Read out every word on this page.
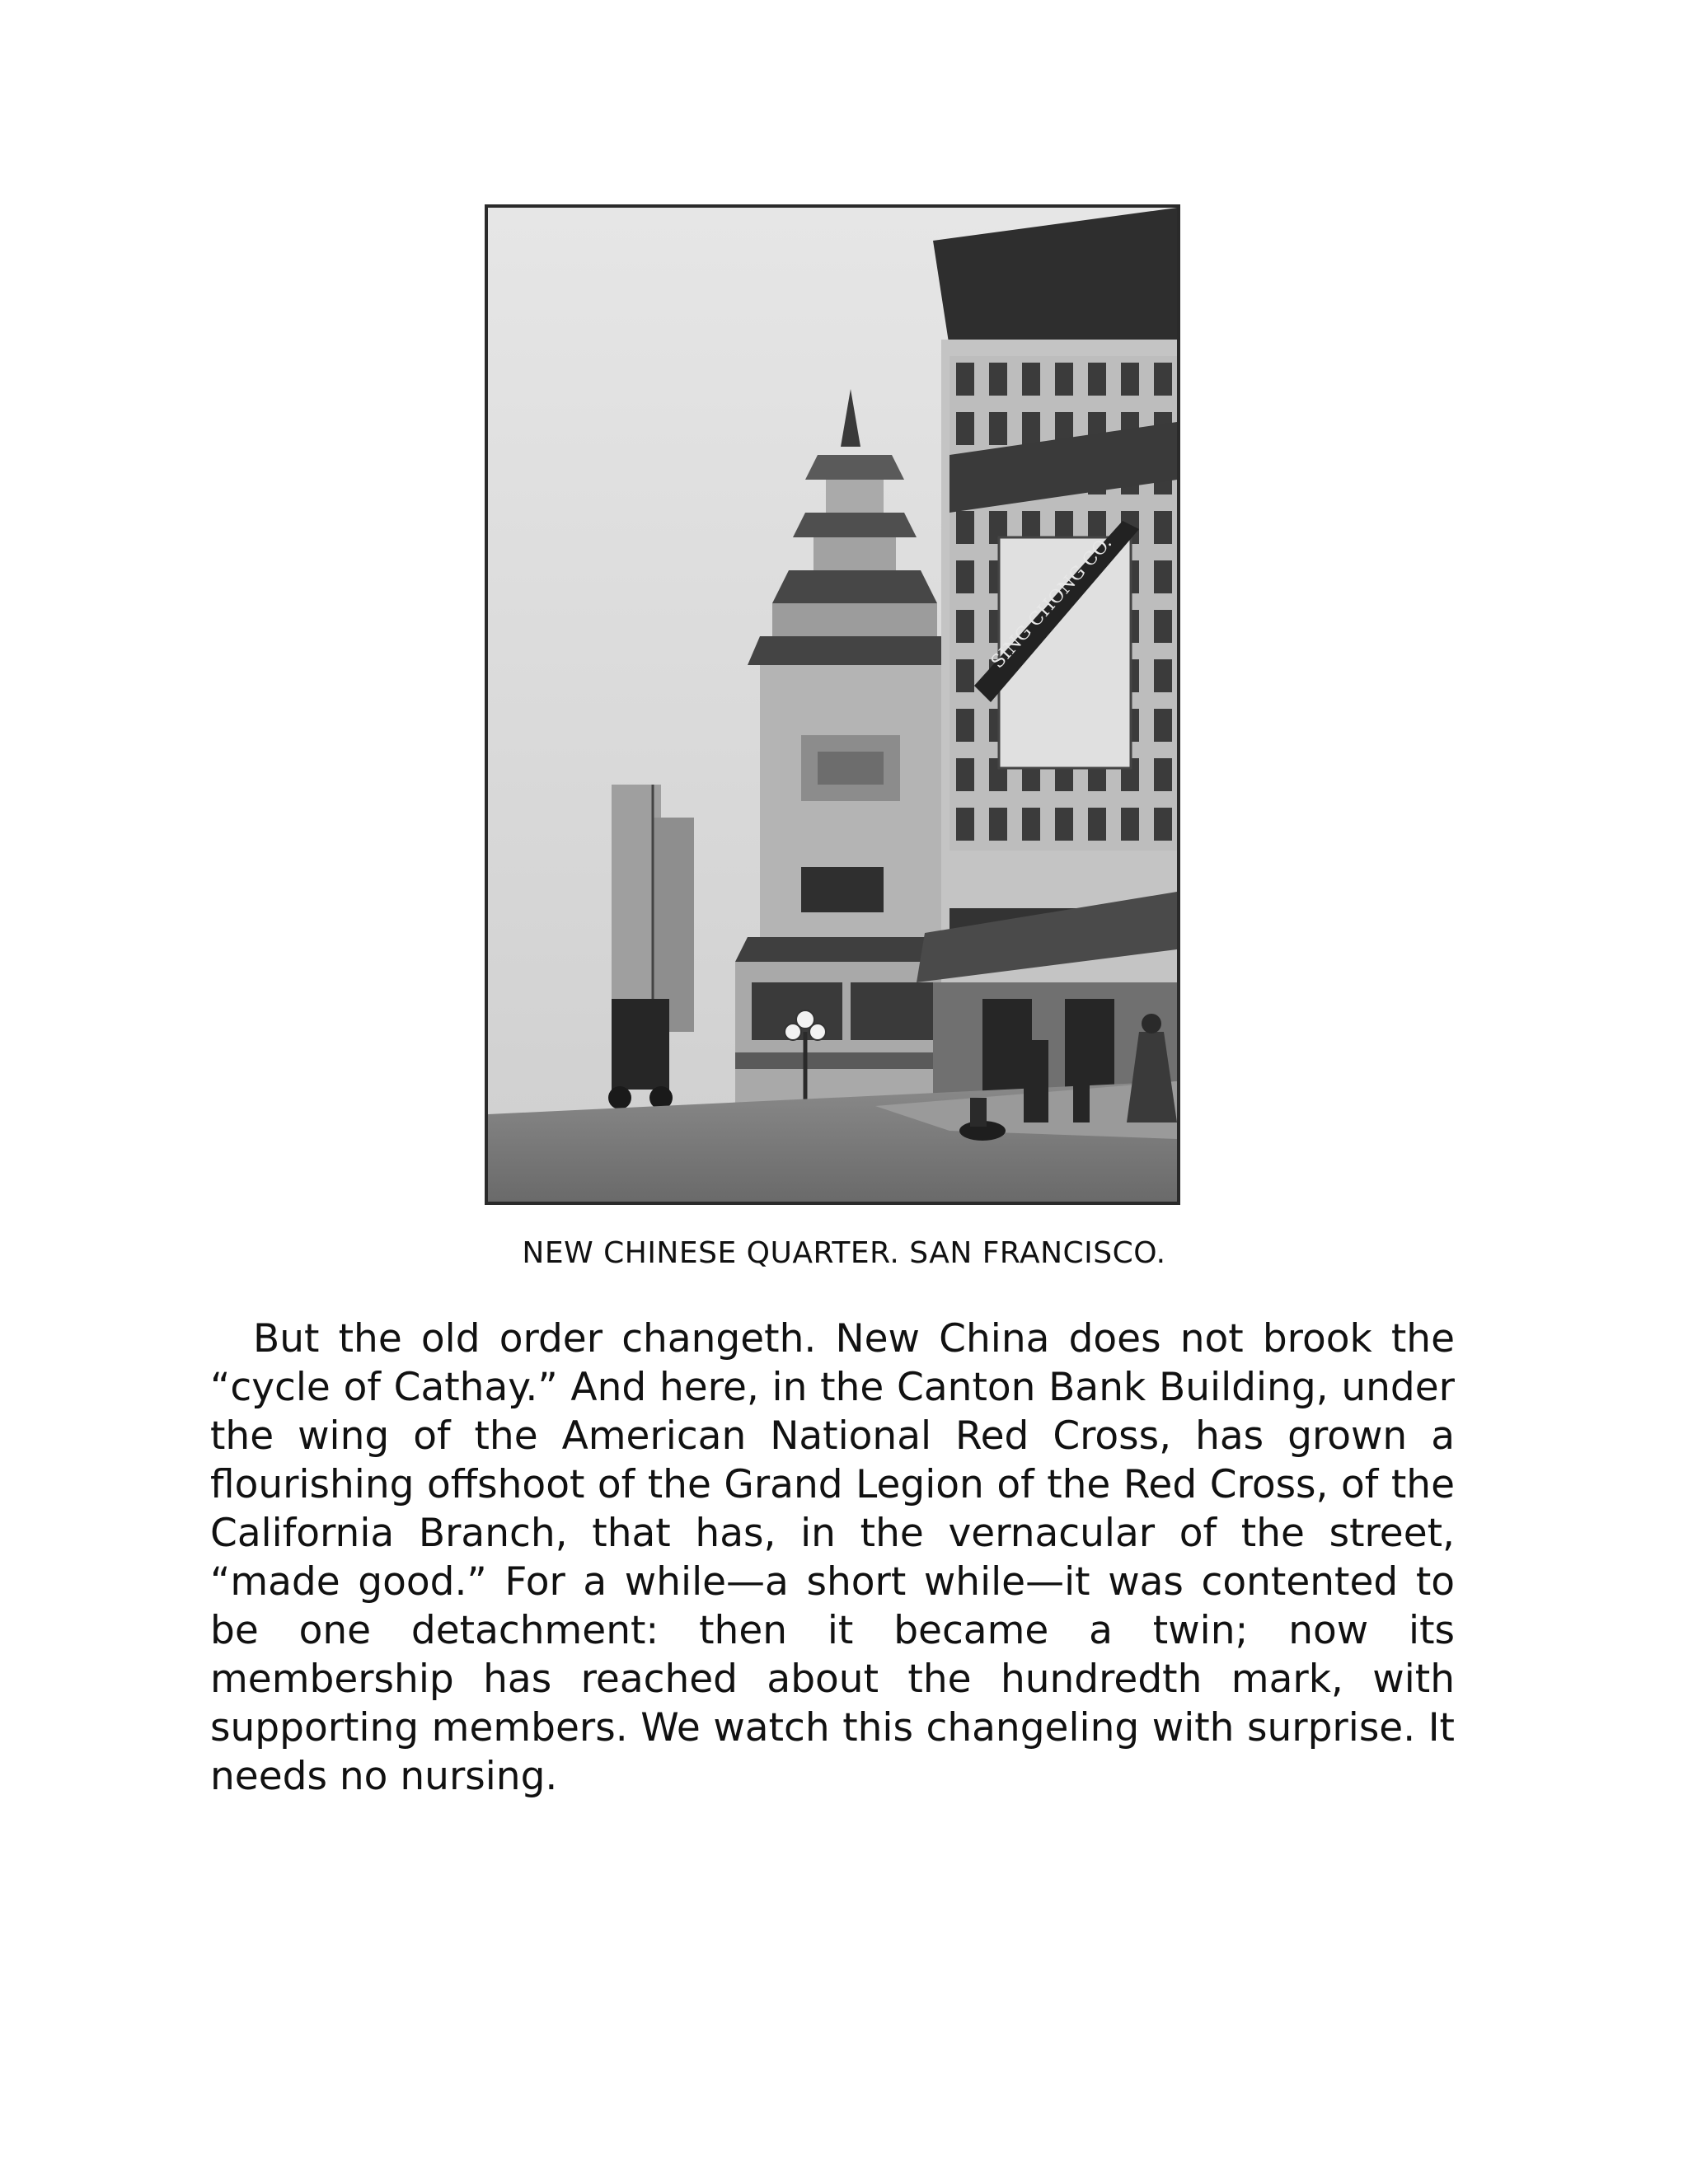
SING CHONG CO.
NEW CHINESE QUARTER. SAN FRANCISCO.

But the old order changeth. New China does not brook the “cycle of Cathay.” And here, in the Canton Bank Building, under the wing of the American National Red Cross, has grown a flourishing offshoot of the Grand Legion of the Red Cross, of the California Branch, that has, in the vernacular of the street, “made good.” For a while—a short while—it was contented to be one detachment: then it became a twin; now its membership has reached about the hundredth mark, with supporting members. We watch this changeling with surprise. It needs no nursing.
